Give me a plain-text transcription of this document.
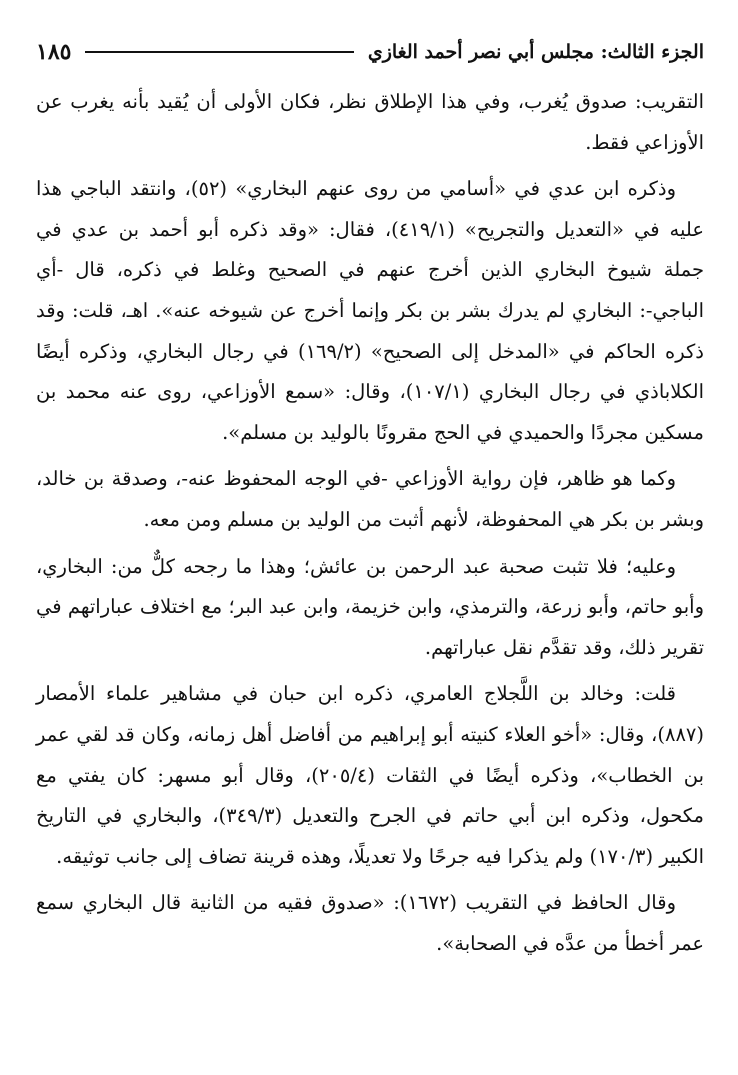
الجزء الثالث: مجلس أبي نصر أحمد الغازي
١٨٥

التقريب: صدوق يُغرب، وفي هذا الإطلاق نظر، فكان الأولى أن يُقيد بأنه يغرب عن الأوزاعي فقط.

وذكره ابن عدي في «أسامي من روى عنهم البخاري» (٥٢)، وانتقد الباجي هذا عليه في «التعديل والتجريح» (٤١٩/١)، فقال: «وقد ذكره أبو أحمد بن عدي في جملة شيوخ البخاري الذين أخرج عنهم في الصحيح وغلط في ذكره، قال -أي الباجي-: البخاري لم يدرك بشر بن بكر وإنما أخرج عن شيوخه عنه». اهـ، قلت: وقد ذكره الحاكم في «المدخل إلى الصحيح» (١٦٩/٢) في رجال البخاري، وذكره أيضًا الكلاباذي في رجال البخاري (١٠٧/١)، وقال: «سمع الأوزاعي، روى عنه محمد بن مسكين مجردًا والحميدي في الحج مقرونًا بالوليد بن مسلم».

وكما هو ظاهر، فإن رواية الأوزاعي -في الوجه المحفوظ عنه-، وصدقة بن خالد، وبشر بن بكر هي المحفوظة، لأنهم أثبت من الوليد بن مسلم ومن معه.

وعليه؛ فلا تثبت صحبة عبد الرحمن بن عائش؛ وهذا ما رجحه كلٌّ من: البخاري، وأبو حاتم، وأبو زرعة، والترمذي، وابن خزيمة، وابن عبد البر؛ مع اختلاف عباراتهم في تقرير ذلك، وقد تقدَّم نقل عباراتهم.

قلت: وخالد بن اللَّجلاج العامري، ذكره ابن حبان في مشاهير علماء الأمصار (٨٨٧)، وقال: «أخو العلاء كنيته أبو إبراهيم من أفاضل أهل زمانه، وكان قد لقي عمر بن الخطاب»، وذكره أيضًا في الثقات (٢٠٥/٤)، وقال أبو مسهر: كان يفتي مع مكحول، وذكره ابن أبي حاتم في الجرح والتعديل (٣٤٩/٣)، والبخاري في التاريخ الكبير (١٧٠/٣) ولم يذكرا فيه جرحًا ولا تعديلًا، وهذه قرينة تضاف إلى جانب توثيقه.

وقال الحافظ في التقريب (١٦٧٢): «صدوق فقيه من الثانية قال البخاري سمع عمر أخطأ من عدَّه في الصحابة».
